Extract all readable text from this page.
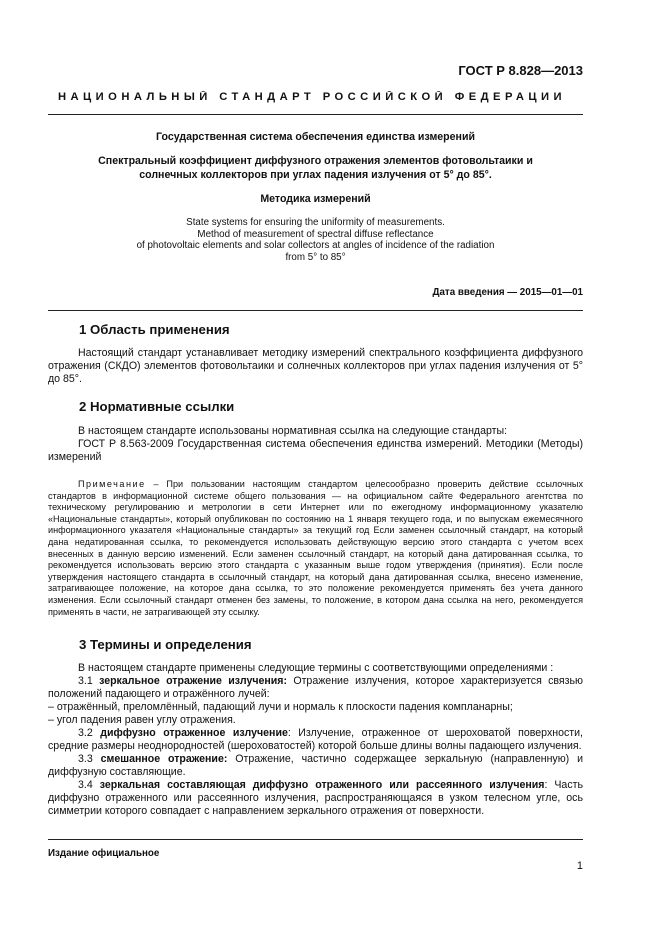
ГОСТ Р 8.828—2013
НАЦИОНАЛЬНЫЙ СТАНДАРТ РОССИЙСКОЙ ФЕДЕРАЦИИ
Государственная система обеспечения единства измерений
Спектральный коэффициент диффузного отражения элементов фотовольтаики и
солнечных коллекторов при углах падения излучения от 5° до 85°.
Методика измерений
State systems for ensuring the uniformity of measurements.
Method of measurement of spectral diffuse reflectance
of photovoltaic elements and solar collectors at angles of incidence of the radiation
from 5° to 85°
Дата введения — 2015—01—01
1 Область применения

Настоящий стандарт устанавливает методику измерений спектрального коэффициента диффузного отражения (СКДО) элементов фотовольтаики и солнечных коллекторов при углах падения излучения от 5° до 85°.

2 Нормативные ссылки

В настоящем стандарте использованы нормативная ссылка на следующие стандарты:

ГОСТ Р 8.563-2009 Государственная система обеспечения единства измерений. Методики (Методы) измерений

Примечание – При пользовании настоящим стандартом целесообразно проверить действие ссылочных стандартов в информационной системе общего пользования — на официальном сайте Федерального агентства по техническому регулированию и метрологии в сети Интернет или по ежегодному информационному указателю «Национальные стандарты», который опубликован по состоянию на 1 января текущего года, и по выпускам ежемесячного информационного указателя «Национальные стандарты» за текущий год Если заменен ссылочный стандарт, на который дана недатированная ссылка, то рекомендуется использовать действующую версию этого стандарта с учетом всех внесенных в данную версию изменений. Если заменен ссылочный стандарт, на который дана датированная ссылка, то рекомендуется использовать версию этого стандарта с указанным выше годом утверждения (принятия). Если после утверждения настоящего стандарта в ссылочный стандарт, на который дана датированная ссылка, внесено изменение, затрагивающее положение, на которое дана ссылка, то это положение рекомендуется применять без учета данного изменения. Если ссылочный стандарт отменен без замены, то положение, в котором дана ссылка на него, рекомендуется применять в части, не затрагивающей эту ссылку.
3 Термины и определения

В настоящем стандарте применены следующие термины с соответствующими определениями :

3.1 зеркальное отражение излучения: Отражение излучения, которое характеризуется связью положений падающего и отражённого лучей:

– отражённый, преломлённый, падающий лучи и нормаль к плоскости падения компланарны;

– угол падения равен углу отражения.

3.2 диффузно отраженное излучение: Излучение, отраженное от шероховатой поверхности, средние размеры неоднородностей (шероховатостей) которой больше длины волны падающего излучения.

3.3 смешанное отражение: Отражение, частично содержащее зеркальную (направленную) и диффузную составляющие.

3.4 зеркальная составляющая диффузно отраженного или рассеянного излучения: Часть диффузно отраженного или рассеянного излучения, распространяющаяся в узком телесном угле, ось симметрии которого совпадает с направлением зеркального отражения от поверхности.

Издание официальное
1
